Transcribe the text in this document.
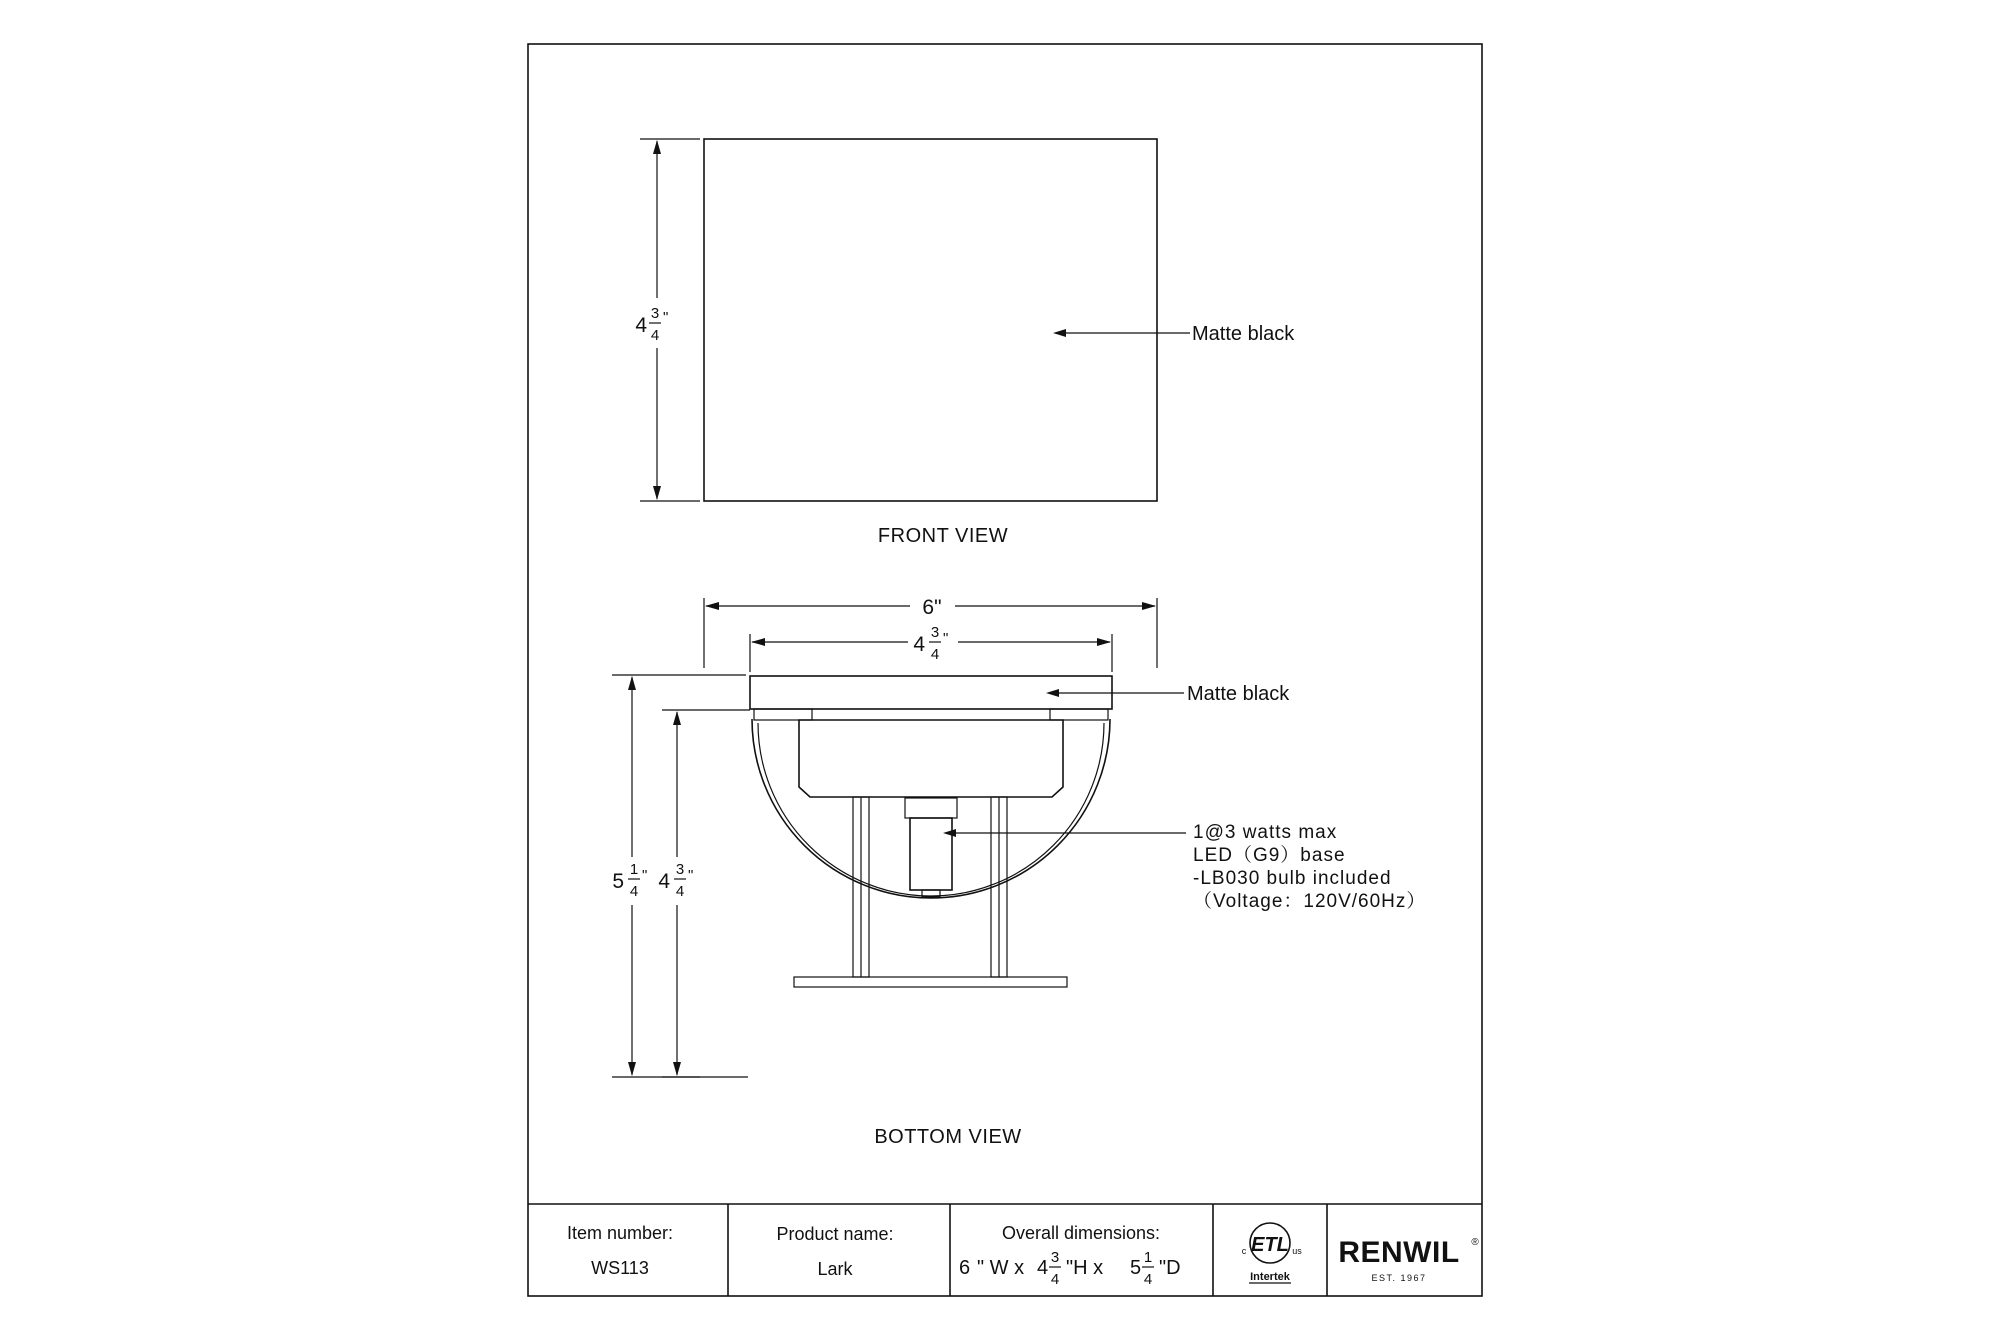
4
3
4
"
Matte black
FRONT VIEW
6"
4
3
4
"
5
1
4
" 4
3
4
"
Matte black
1@3 watts max
LED（G9）base
-LB030 bulb included
（Voltage：120V/60Hz）
BOTTOM VIEW
Item number:
WS113
Product name:
Lark
Overall dimensions:
6 " W x 4 3
4
"H x 5 1
4
"D
ETL
c	us
Intertek
RENWIL ®
EST. 1967
